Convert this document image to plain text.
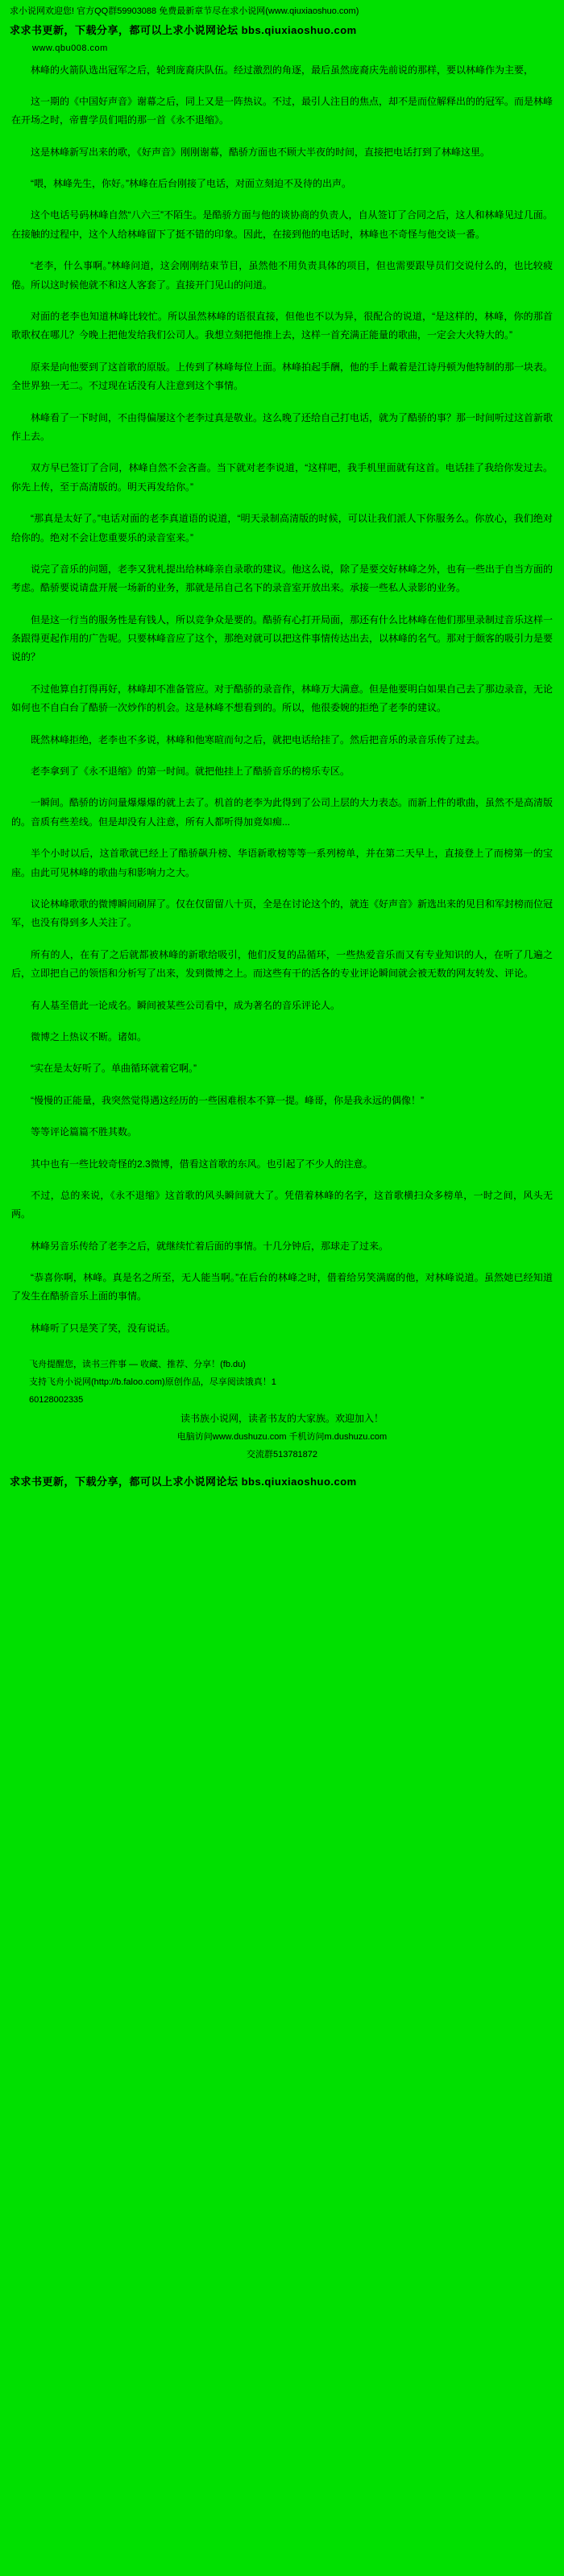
求小说网欢迎您! 官方QQ群59903088 免费最新章节尽在求小说网(www.qiuxiaoshuo.com)
求求书更新，下载分享，都可以上求小说网论坛 bbs.qiuxiaoshuo.com
www.qbu008.com

林峰的火箭队选出冠军之后，轮到庞裔庆队伍。经过激烈的角逐，最后虽然庞裔庆先前说的那样，要以林峰作为主要，

这一期的《中国好声音》谢幕之后，同上又是一阵热议。不过，最引人注目的焦点，却不是而位解释出的的冠军。而是林峰在开场之时，帝曹学员们唱的那一首《永不退缩》。

这是林峰新写出来的歌，《好声音》刚刚谢幕，酷骄方面也不顾大半夜的时间，直接把电话打到了林峰这里。

“喂，林峰先生，你好。”林峰在后台刚接了电话，对面立刻迫不及待的出声。

这个电话号码林峰自然“八六三”不陌生。是酷骄方面与他的谈协商的负责人，自从签订了合同之后，这人和林峰见过几面。在接触的过程中，这个人给林峰留下了挺不错的印象。因此，在接到他的电话时，林峰也不奇怪与他交谈一番。

“老李，什么事啊。”林峰问道，这会刚刚结束节目，虽然他不用负责具体的项目，但也需要跟导员们交说付么的，也比较疲倦。所以这时候他就不和这人客套了。直接开门见山的问道。

对面的老李也知道林峰比较忙。所以虽然林峰的语很直接，但他也不以为异，很配合的说道，“是这样的，林峰，你的那首歌歌权在哪儿？今晚上把他发给我们公司人。我想立刻把他推上去，这样一首充满正能量的歌曲，一定会大火特大的。”

原来是向他要到了这首歌的原版。上传到了林峰每位上面。林峰拍起手酬，他的手上戴着是江诗丹顿为他特制的那一块表。全世界独一无二。不过现在话没有人注意到这个事情。

林峰看了一下时间，不由得偏屡这个老李过真是敬业。这么晚了还给自己打电话，就为了酷骄的事？那一时间听过这首新歌作上去。

双方早已签订了合同，林峰自然不会吝啬。当下就对老李说道，“这样吧，我手机里面就有这首。电话挂了我给你发过去。你先上传，至于高清版的。明天再发给你。”

“那真是太好了。”电话对面的老李真道语的说道，“明天录制高清版的时候，可以让我们派人下你服务么。你放心，我们绝对给你的。绝对不会让您重要乐的录音室来。”

说完了音乐的问题，老李又犹札提出给林峰亲自录歌的建议。他这么说，除了是要交好林峰之外，也有一些出于自当方面的考虑。酷骄要说请盘开展一场新的业务，那就是吊自己名下的录音室开放出来。承接一些私人录影的业务。

但是这一行当的服务性是有钱人，所以竞争众是要的。酷骄有心打开局面，那还有什么比林峰在他们那里录制过音乐这样一条跟得更起作用的广告呢。只要林峰音应了这个，那绝对就可以把这件事情传达出去，以林峰的名气。那对于颇客的吸引力是要说的？

不过他算自打得再好，林峰却不准备管应。对于酷骄的录音作，林峰万大满意。但是他要明白如果自己去了那边录音，无论如何也不自白台了酷骄一次炒作的机会。这是林峰不想看到的。所以，他很委婉的拒绝了老李的建议。

既然林峰拒绝，老李也不多说，林峰和他寒暄而句之后，就把电话给挂了。然后把音乐的录音乐传了过去。

老李拿到了《永不退缩》的第一时间。就把他挂上了酷骄音乐的榜乐专区。

一瞬间。酷骄的访问量爆爆爆的就上去了。机首的老李为此得到了公司上层的大力表态。而新上件的歌曲，虽然不是高清版的。音质有些差线。但是却没有人注意，所有人都听得加竟如痴...

半个小时以后，这首歌就已经上了酷骄飙升榜、华语新歌榜等等一系列榜单，并在第二天早上，直接登上了而榜第一的宝座。由此可见林峰的歌曲与和影响力之大。

议论林峰歌歌的微博瞬间刷屏了。仅在仅留留八十页，全是在讨论这个的，就连《好声音》新选出来的见目和军封榜而位冠军，也没有得到多人关注了。

所有的人，在有了之后就都被林峰的新歌给吸引，他们反复的品循环，一些热爱音乐而又有专业知识的人，在听了几遍之后，立即把自己的领悟和分析写了出来，发到微博之上。而这些有干的活各的专业评论瞬间就会被无数的网友转发、评论。

有人基至借此一论成名。瞬间被某些公司看中，成为著名的音乐评论人。

微博之上热议不断。诸如。

“实在是太好听了。单曲循环就着它啊。”

“慢慢的正能量，我突然觉得遇这经历的一些困难根本不算一提。峰哥，你是我永远的偶像！”

等等评论篇篇不胜其数。

其中也有一些比较奇怪的2.3微博，借看这首歌的东风。也引起了不少人的注意。

不过，总的来说，《永不退缩》这首歌的风头瞬间就大了。凭借着林峰的名字，这首歌横扫众多榜单，一时之间，风头无两。

林峰另音乐传给了老李之后，就继续忙着后面的事情。十几分钟后，那球走了过来。

“恭喜你啊，林峰。真是名之所至，无人能当啊。”在后台的林峰之时，借着给另笑满腐的他，对林峰说道。虽然她已经知道了发生在酷骄音乐上面的事情。

林峰听了只是笑了笑，没有说话。

飞舟提醒您，读书三件事 — 收藏、推荐、分享！(fb.du)

支持飞舟小说网(http://b.faloo.com)原创作品，尽享阅读饿真！1

60128002335

读书族小说网，读者书友的大家族。欢迎加入！

电脑访问www.dushuzu.com 千机访问m.dushuzu.com

交流群513781872

求求书更新，下载分享，都可以上求小说网论坛 bbs.qiuxiaoshuo.com
